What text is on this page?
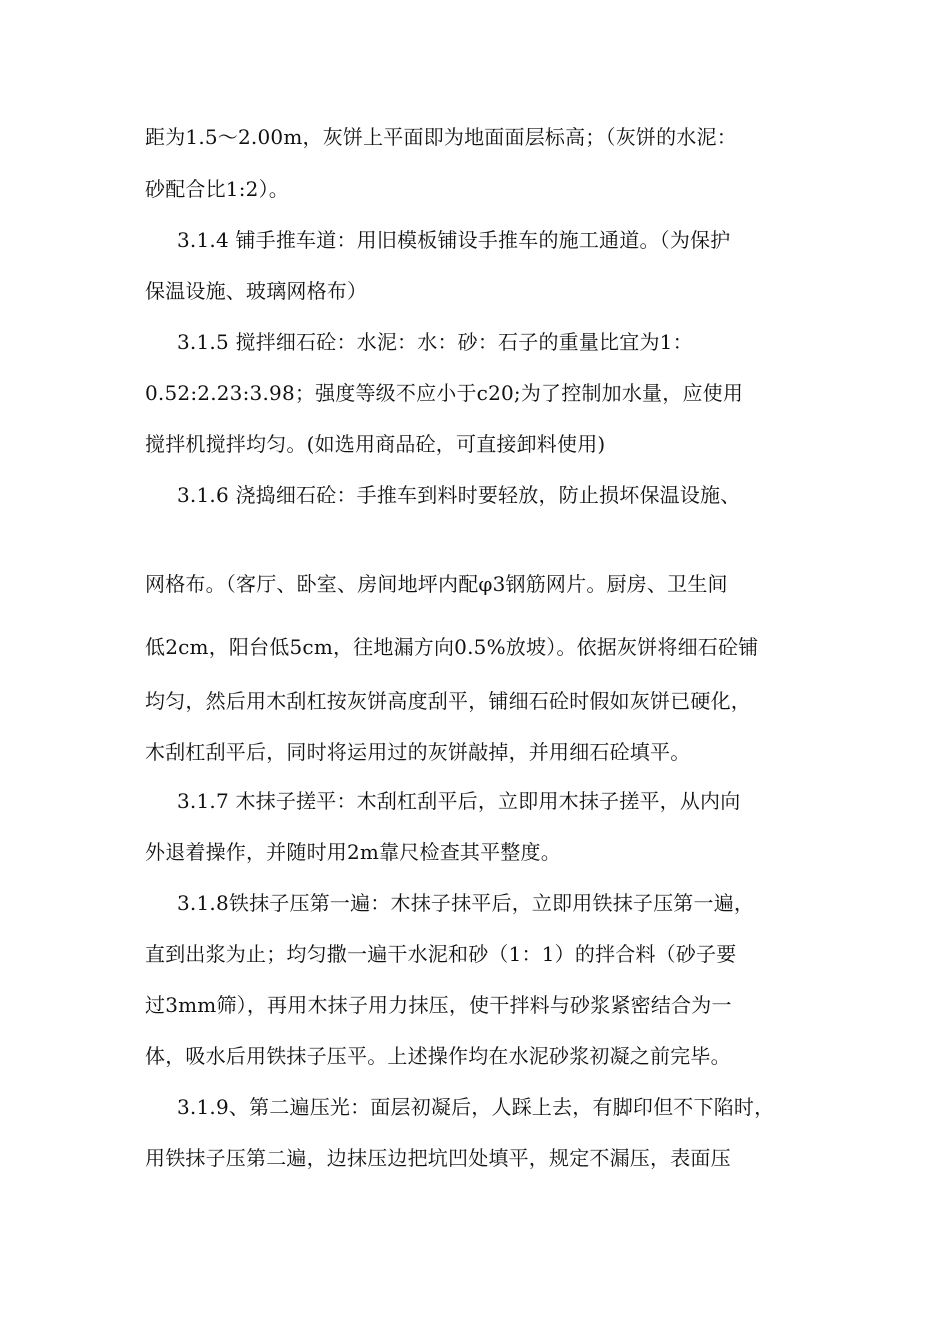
距为1.5～2.00m，灰饼上平面即为地面面层标高；（灰饼的水泥：
砂配合比1:2）。
3.1.4 铺手推车道：用旧模板铺设手推车的施工通道。（为保护
保温设施、玻璃网格布）
3.1.5 搅拌细石砼：水泥：水：砂：石子的重量比宜为1：
0.52:2.23:3.98；强度等级不应小于c20;为了控制加水量，应使用
搅拌机搅拌均匀。(如选用商品砼，可直接卸料使用)
3.1.6 浇捣细石砼：手推车到料时要轻放，防止损坏保温设施、
网格布。（客厅、卧室、房间地坪内配φ3钢筋网片。厨房、卫生间
低2cm，阳台低5cm，往地漏方向0.5%放坡）。依据灰饼将细石砼铺
均匀，然后用木刮杠按灰饼高度刮平，铺细石砼时假如灰饼已硬化，
木刮杠刮平后，同时将运用过的灰饼敲掉，并用细石砼填平。
3.1.7 木抹子搓平：木刮杠刮平后，立即用木抹子搓平，从内向
外退着操作，并随时用2m靠尺检查其平整度。
3.1.8铁抹子压第一遍：木抹子抹平后，立即用铁抹子压第一遍，
直到出浆为止；均匀撒一遍干水泥和砂（1：1）的拌合料（砂子要
过3mm筛），再用木抹子用力抹压，使干拌料与砂浆紧密结合为一
体，吸水后用铁抹子压平。上述操作均在水泥砂浆初凝之前完毕。
3.1.9、第二遍压光：面层初凝后，人踩上去，有脚印但不下陷时，
用铁抹子压第二遍，边抹压边把坑凹处填平，规定不漏压，表面压
